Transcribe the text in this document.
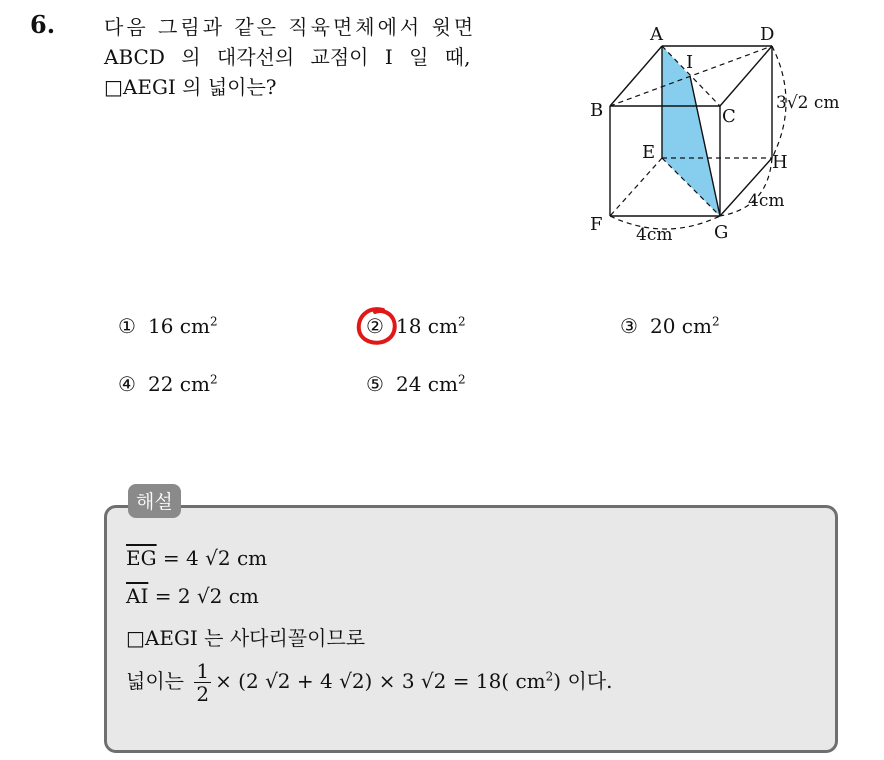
6. 다음 그림과 같은 직육면체에서 윗면
ABCD 의 대각선의 교점이 I 일 때,
□AEGI 의 넓이는?
A	D
I
B	C
E	H
F	G
3√2 cm
4cm
4cm
① 16 $cm^2$	② 18 $cm^2$	③ 20 $cm^2$
④ 22 $cm^2$	⑤ 24 $cm^2$
해설
$\overline{EG} = 4$ √2 cm
$\overline{AI} = 2$ √2 cm
□AEGI 는 사다리꼴이므로
넓이는 $\frac{1}{2} \times (2$ √2 + 4 √2) × 3 √2 = 18( $cm^2$) 이다.
